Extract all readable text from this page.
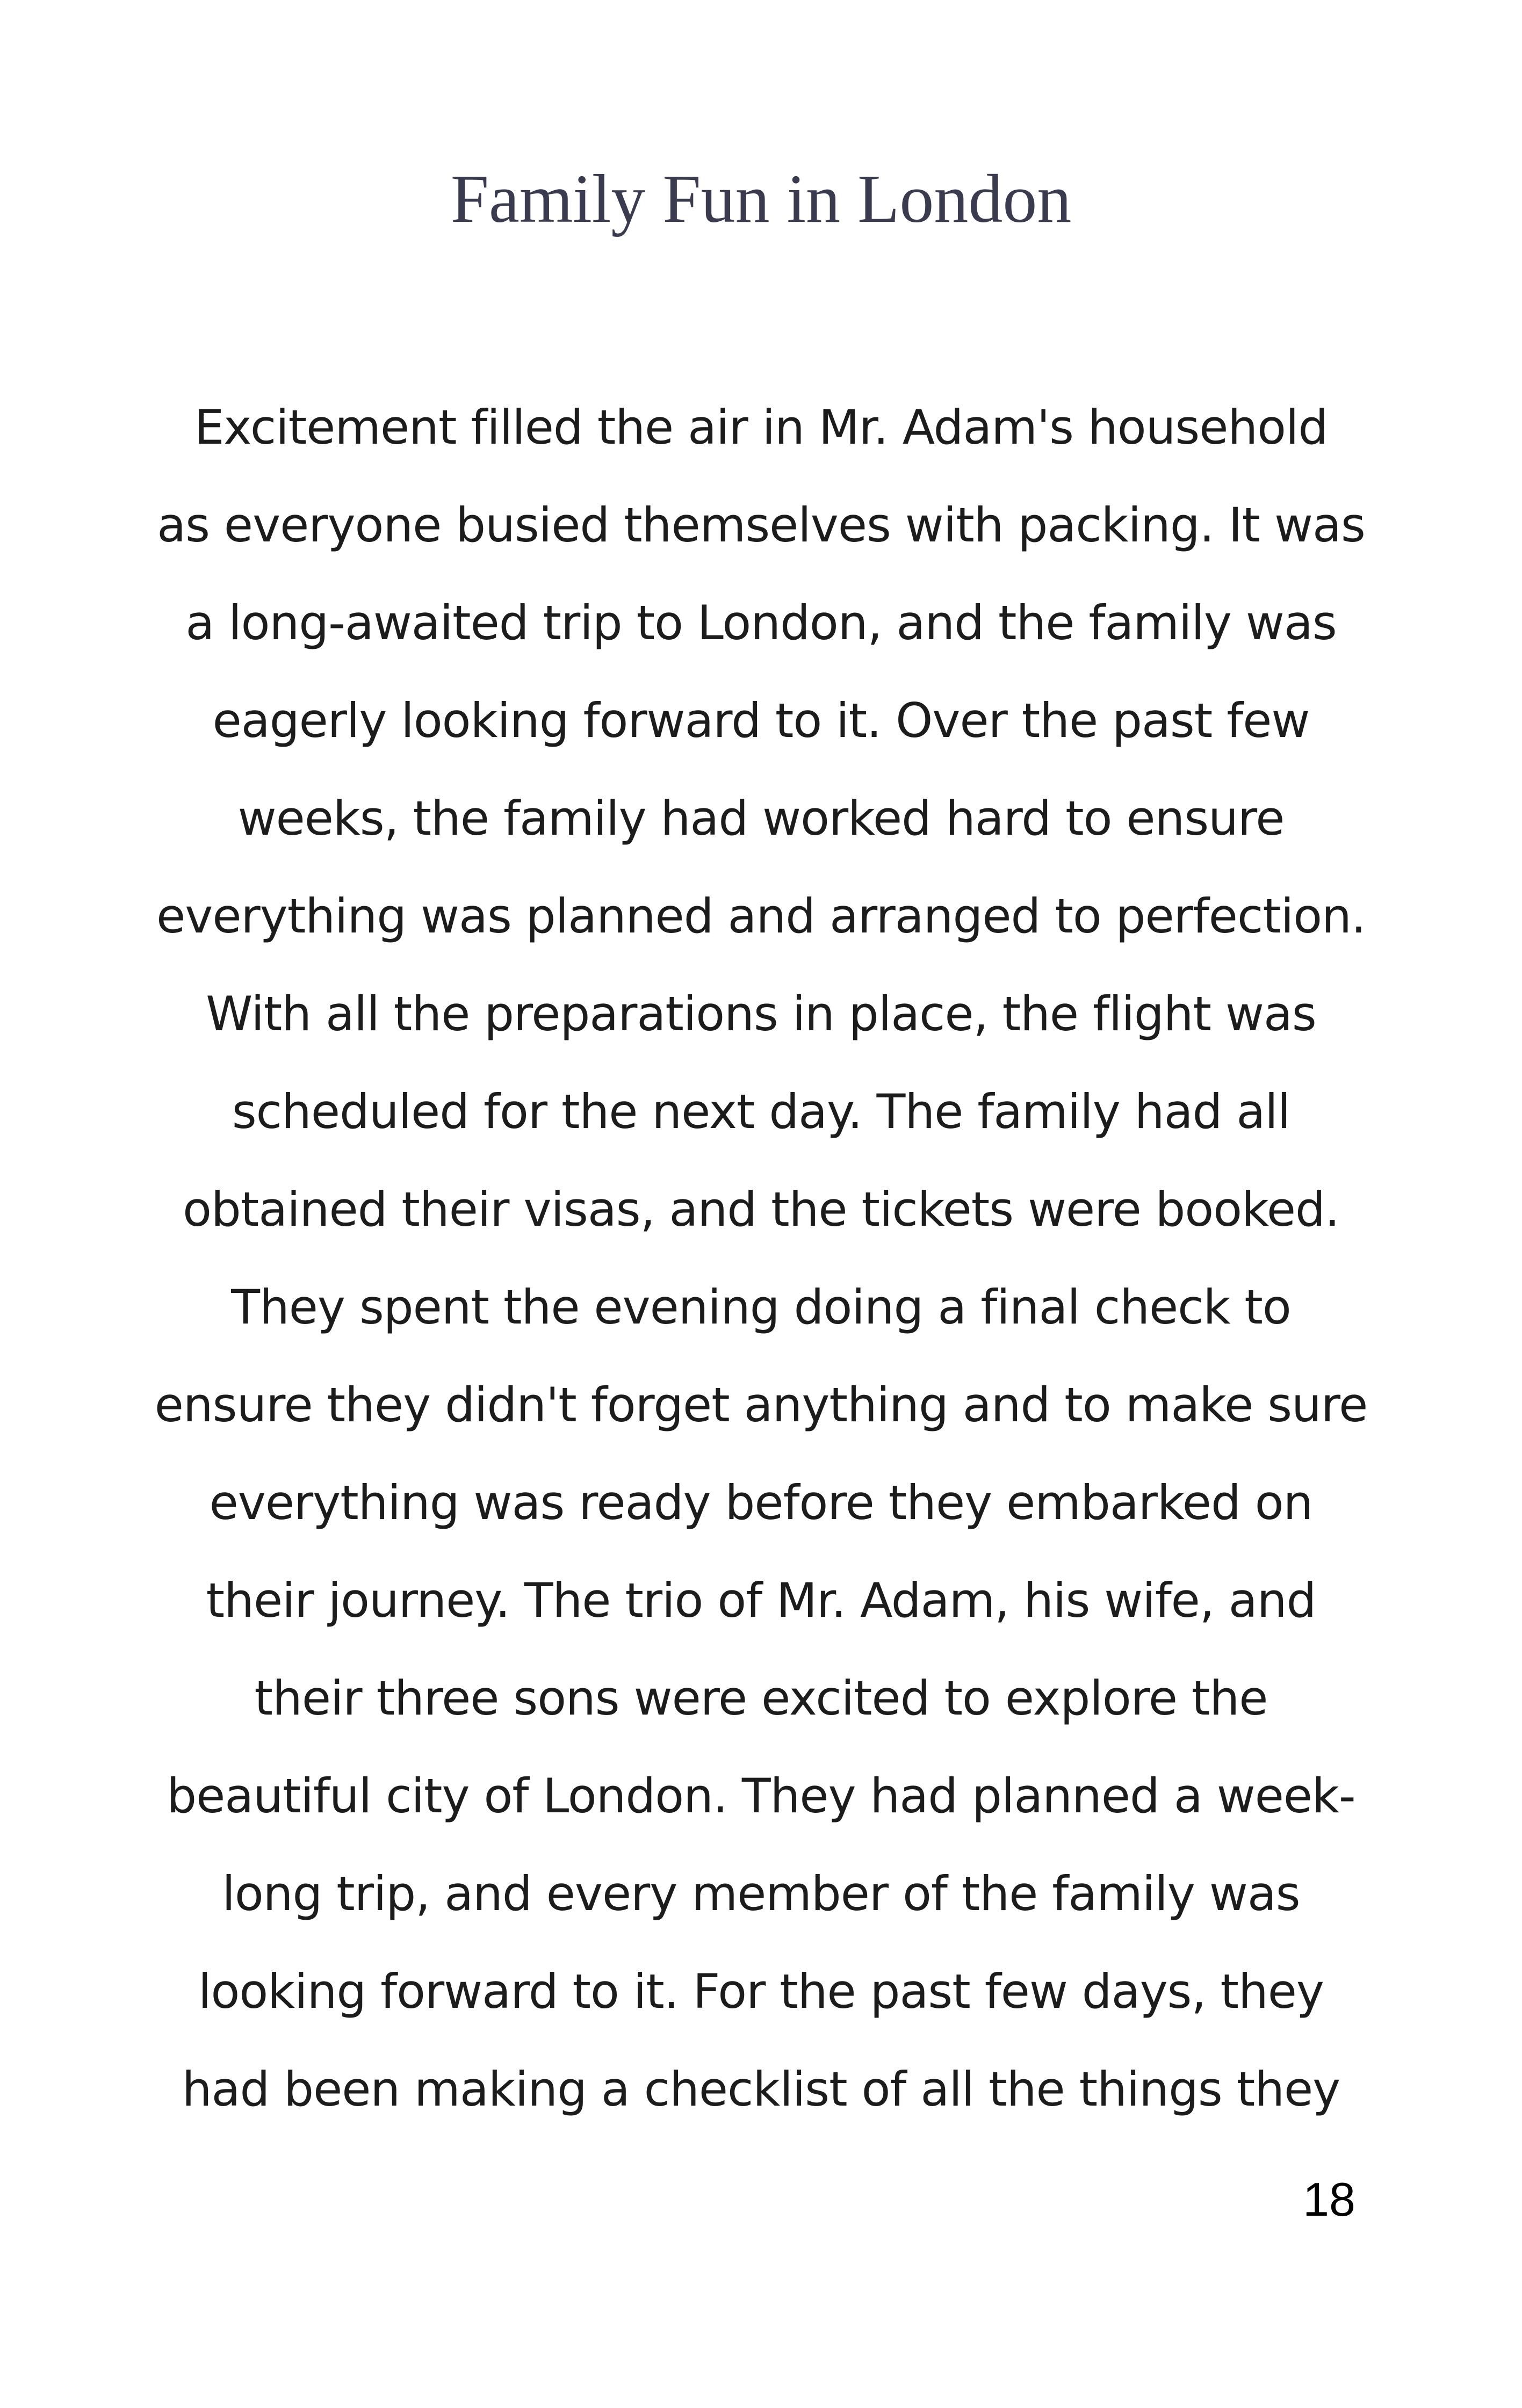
Family Fun in London
Excitement filled the air in Mr. Adam's household
as everyone busied themselves with packing. It was
a long-awaited trip to London, and the family was
eagerly looking forward to it. Over the past few
weeks, the family had worked hard to ensure
everything was planned and arranged to perfection.
With all the preparations in place, the flight was
scheduled for the next day. The family had all
obtained their visas, and the tickets were booked.
They spent the evening doing a final check to
ensure they didn't forget anything and to make sure
everything was ready before they embarked on
their journey. The trio of Mr. Adam, his wife, and
their three sons were excited to explore the
beautiful city of London. They had planned a week-
long trip, and every member of the family was
looking forward to it. For the past few days, they
had been making a checklist of all the things they
18
